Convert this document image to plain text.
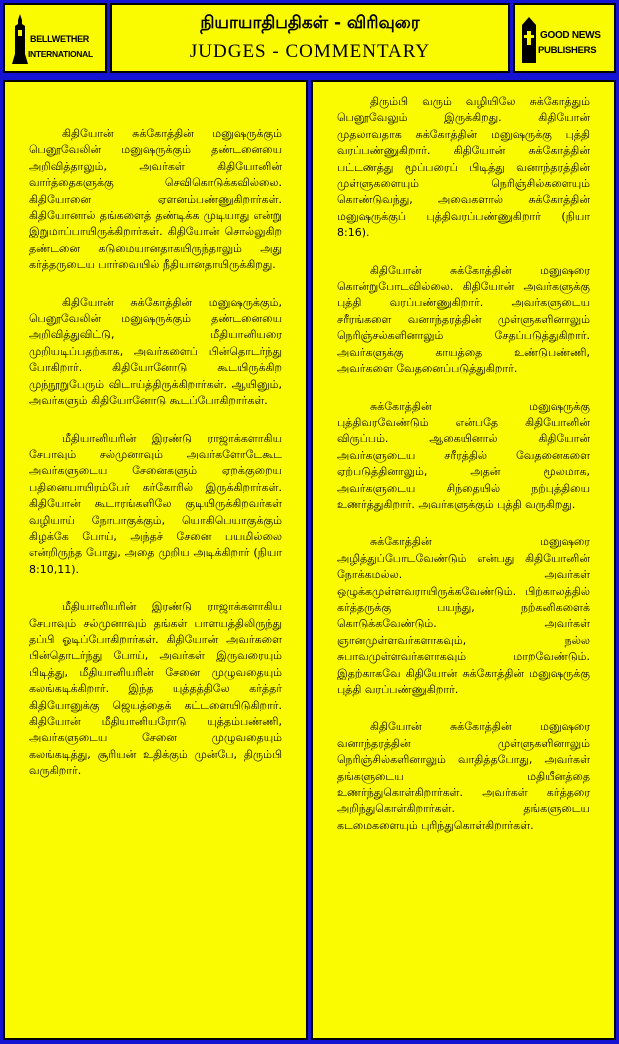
BELLWETHER
INTERNATIONAL
நியாயாதிபதிகள் - விரிவுரை
JUDGES - COMMENTARY
GOOD NEWS
PUBLISHERS

கிதியோன் சுக்கோத்தின் மனுஷருக்கும் பெனூவேலின் மனுஷருக்கும் தண்டனையை அறிவித்தாலும், அவர்கள் கிதியோனின் வார்த்தைகளுக்கு செவிகொடுக்கவில்லை. கிதியோனை ஏளனம்பண்ணுகிறார்கள். கிதியோனால் தங்களைத் தண்டிக்க முடியாது என்று இறுமாப்பாயிருக்கிறார்கள். கிதியோன் சொல்லுகிற தண்டனை கடுமையானதாகயிருந்தாலும் அது கர்த்தருடைய பார்வையில் நீதியானதாயிருக்கிறது.

கிதியோன் சுக்கோத்தின் மனுஷருக்கும், பெனூவேலின் மனுஷருக்கும் தண்டனையை அறிவித்துவிட்டு, மீதியானியரை முறியடிப்பதற்காக, அவர்களைப் பின்தொடர்ந்து போகிறார். கிதியோனோடு கூடயிருக்கிற முந்நூறுபேரும் விடாய்த்திருக்கிறார்கள். ஆயினும், அவர்களும் கிதியோனோடு கூடப்போகிறார்கள்.

மீதியானியரின் இரண்டு ராஜாக்களாகிய சேபாவும் சல்முனாவும் அவர்களோடேகூட அவர்களுடைய சேனைகளும் ஏறக்குறைய பதினையாயிரம்பேர் கர்கோரில் இருக்கிறார்கள். கிதியோன் கூடாரங்களிலே குடியிருக்கிறவர்கள் வழியாய் நோபாகுக்கும், யொகிபெயாகுக்கும் கிழக்கே போய், அந்தச் சேனை பயமில்லை என்றிருந்த போது, அதை முறிய அடிக்கிறார் (நியா 8:10,11).

மீதியானியரின் இரண்டு ராஜாக்களாகிய சேபாவும் சல்முனாவும் தங்கள் பாளயத்திலிருந்து தப்பி ஓடிப்போகிறார்கள். கிதியோன் அவர்களை பின்தொடர்ந்து போய், அவர்கள் இருவரையும் பிடித்து, மீதியானியரின் சேனை முழுவதையும் கலங்கடிக்கிறார். இந்த யுத்தத்திலே கர்த்தர் கிதியோனுக்கு ஜெயத்தைக் கட்டளையிடுகிறார். கிதியோன் மீதியானியரோடு யுத்தம்பண்ணி, அவர்களுடைய சேனை முழுவதையும் கலங்கடித்து, சூரியன் உதிக்கும் முன்பே, திரும்பி வருகிறார்.

திரும்பி வரும் வழியிலே சுக்கோத்தும் பெனூவேலும் இருக்கிறது. கிதியோன் முதலாவதாக சுக்கோத்தின் மனுஷருக்கு புத்தி வரப்பண்ணுகிறார். கிதியோன் சுக்கோத்தின் பட்டணத்து மூப்பரைப் பிடித்து வனாந்தரத்தின் முள்ளுகளையும் நெரிஞ்சில்களையும் கொண்டுவந்து, அவைகளால் சுக்கோத்தின் மனுஷருக்குப் புத்திவரப்பண்ணுகிறார் (நியா 8:16).

கிதியோன் சுக்கோத்தின் மனுஷரை கொன்றுபோடவில்லை. கிதியோன் அவர்களுக்கு புத்தி வரப்பண்ணுகிறார். அவர்களுடைய சரீரங்களை வனாந்தரத்தின் முள்ளுகளினாலும் நெரிஞ்சல்களினாலும் சேதப்படுத்துகிறார். அவர்களுக்கு காயத்தை உண்டுபண்ணி, அவர்களை வேதனைப்படுத்துகிறார்.

சுக்கோத்தின் மனுஷருக்கு புத்திவரவேண்டும் என்பதே கிதியோனின் விருப்பம். ஆகையினால் கிதியோன் அவர்களுடைய சரீரத்தில் வேதனைகளை ஏற்படுத்தினாலும், அதன் மூலமாக, அவர்களுடைய சிந்தையில் நற்புத்தியை உணர்த்துகிறார். அவர்களுக்கும் புத்தி வருகிறது.

சுக்கோத்தின் மனுஷரை அழித்துப்போடவேண்டும் என்பது கிதியோனின் நோக்கமல்ல. அவர்கள் ஒழுக்கமுள்ளவராயிருக்கவேண்டும். பிற்காலத்தில் கர்த்தருக்கு பயந்து, நற்கனிகளைக் கொடுக்கவேண்டும். அவர்கள் ஞானமுள்ளவர்களாகவும், நல்ல சுபாவமுள்ளவர்களாகவும் மாறவேண்டும். இதற்காகவே கிதியோன் சுக்கோத்தின் மனுஷருக்கு புத்தி வரப்பண்ணுகிறார்.

கிதியோன் சுக்கோத்தின் மனுஷரை வனாந்தரத்தின் முள்ளுகளினாலும் நெரிஞ்சில்களினாலும் வாதித்தபோது, அவர்கள் தங்களுடைய மதியீனத்தை உணர்ந்துகொள்கிறார்கள். அவர்கள் கர்த்தரை அறிந்துகொள்கிறார்கள். தங்களுடைய கடமைகளையும் புரிந்துகொள்கிறார்கள்.
